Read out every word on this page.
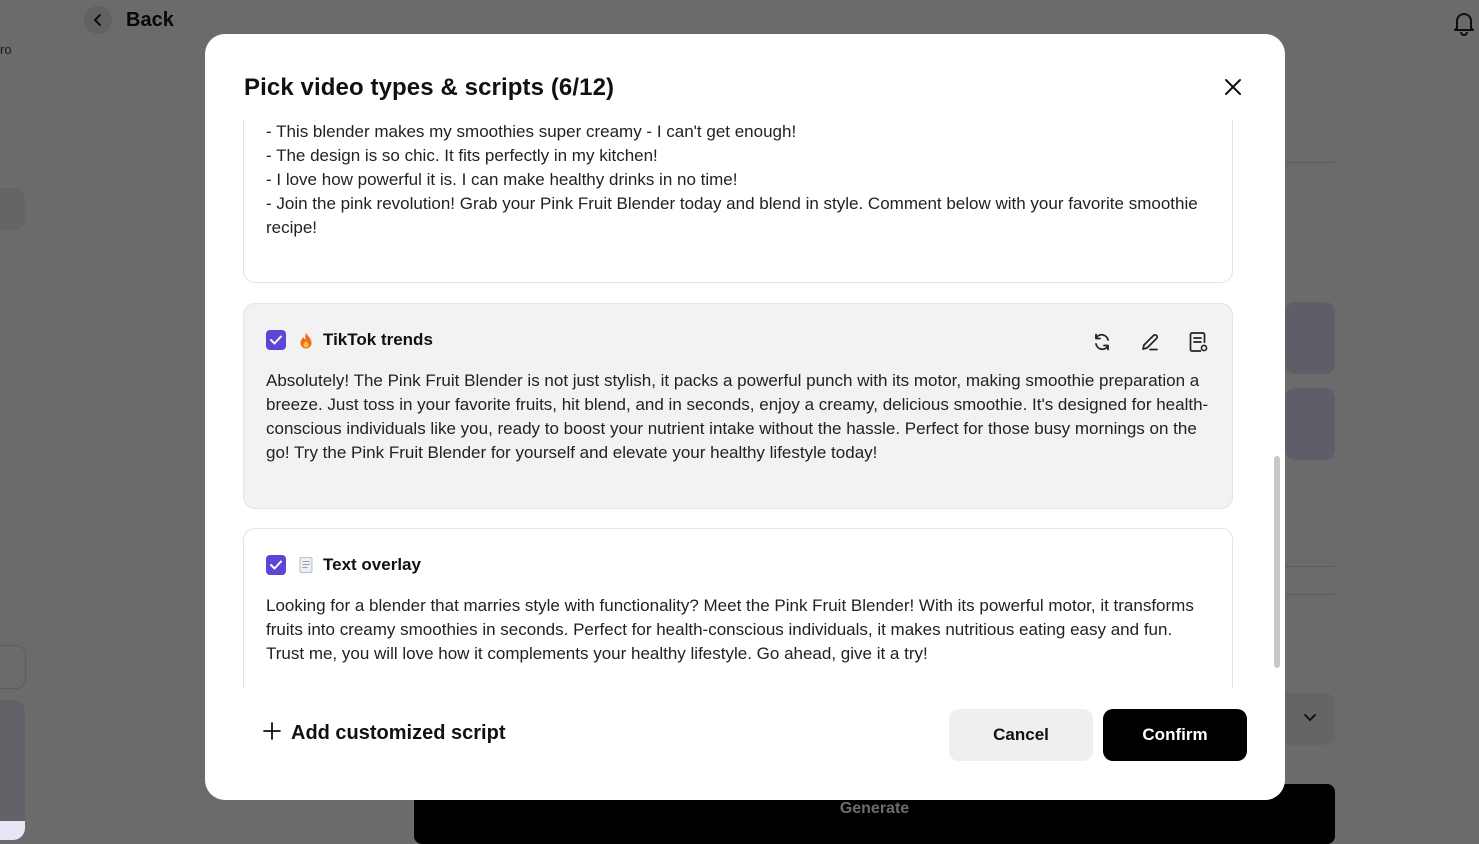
Pick video types & scripts (6/12)
- This blender makes my smoothies super creamy - I can't get enough!
- The design is so chic. It fits perfectly in my kitchen!
- I love how powerful it is. I can make healthy drinks in no time!
- Join the pink revolution! Grab your Pink Fruit Blender today and blend in style. Comment below with your favorite smoothie recipe!
TikTok trends
Absolutely! The Pink Fruit Blender is not just stylish, it packs a powerful punch with its motor, making smoothie preparation a breeze. Just toss in your favorite fruits, hit blend, and in seconds, enjoy a creamy, delicious smoothie. It's designed for health-conscious individuals like you, ready to boost your nutrient intake without the hassle. Perfect for those busy mornings on the go! Try the Pink Fruit Blender for yourself and elevate your healthy lifestyle today!
Text overlay
Looking for a blender that marries style with functionality? Meet the Pink Fruit Blender! With its powerful motor, it transforms fruits into creamy smoothies in seconds. Perfect for health-conscious individuals, it makes nutritious eating easy and fun. Trust me, you will love how it complements your healthy lifestyle. Go ahead, give it a try!
Add customized script	Cancel	Confirm
